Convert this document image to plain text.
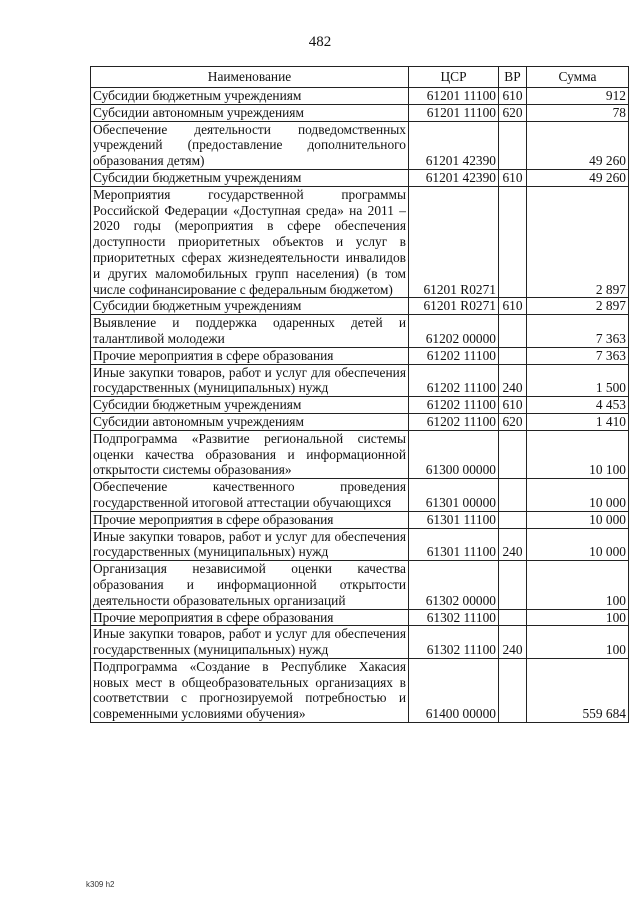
482
Наименование	ЦСР	ВР	Сумма
Субсидии бюджетным учреждениям	61201 11100	610	912
Субсидии автономным учреждениям	61201 11100	620	78
Обеспечение деятельности подведомственных учреждений (предоставление дополнительного образования детям)	61201 42390		49 260
Субсидии бюджетным учреждениям	61201 42390	610	49 260
Мероприятия государственной программы Российской Федерации «Доступная среда» на 2011 – 2020 годы (мероприятия в сфере обеспечения доступности приоритетных объектов и услуг в приоритетных сферах жизнедеятельности инвалидов и других маломобильных групп населения) (в том числе софинансирование с федеральным бюджетом)	61201 R0271		2 897
Субсидии бюджетным учреждениям	61201 R0271	610	2 897
Выявление и поддержка одаренных детей и талантливой молодежи	61202 00000		7 363
Прочие мероприятия в сфере образования	61202 11100		7 363
Иные закупки товаров, работ и услуг для обеспечения государственных (муниципальных) нужд	61202 11100	240	1 500
Субсидии бюджетным учреждениям	61202 11100	610	4 453
Субсидии автономным учреждениям	61202 11100	620	1 410
Подпрограмма «Развитие региональной системы оценки качества образования и информационной открытости системы образования»	61300 00000		10 100
Обеспечение качественного проведения государственной итоговой аттестации обучающихся	61301 00000		10 000
Прочие мероприятия в сфере образования	61301 11100		10 000
Иные закупки товаров, работ и услуг для обеспечения государственных (муниципальных) нужд	61301 11100	240	10 000
Организация независимой оценки качества образования и информационной открытости деятельности образовательных организаций	61302 00000		100
Прочие мероприятия в сфере образования	61302 11100		100
Иные закупки товаров, работ и услуг для обеспечения государственных (муниципальных) нужд	61302 11100	240	100
Подпрограмма «Создание в Республике Хакасия новых мест в общеобразовательных организациях в соответствии с прогнозируемой потребностью и современными условиями обучения»	61400 00000		559 684
k309 h2
